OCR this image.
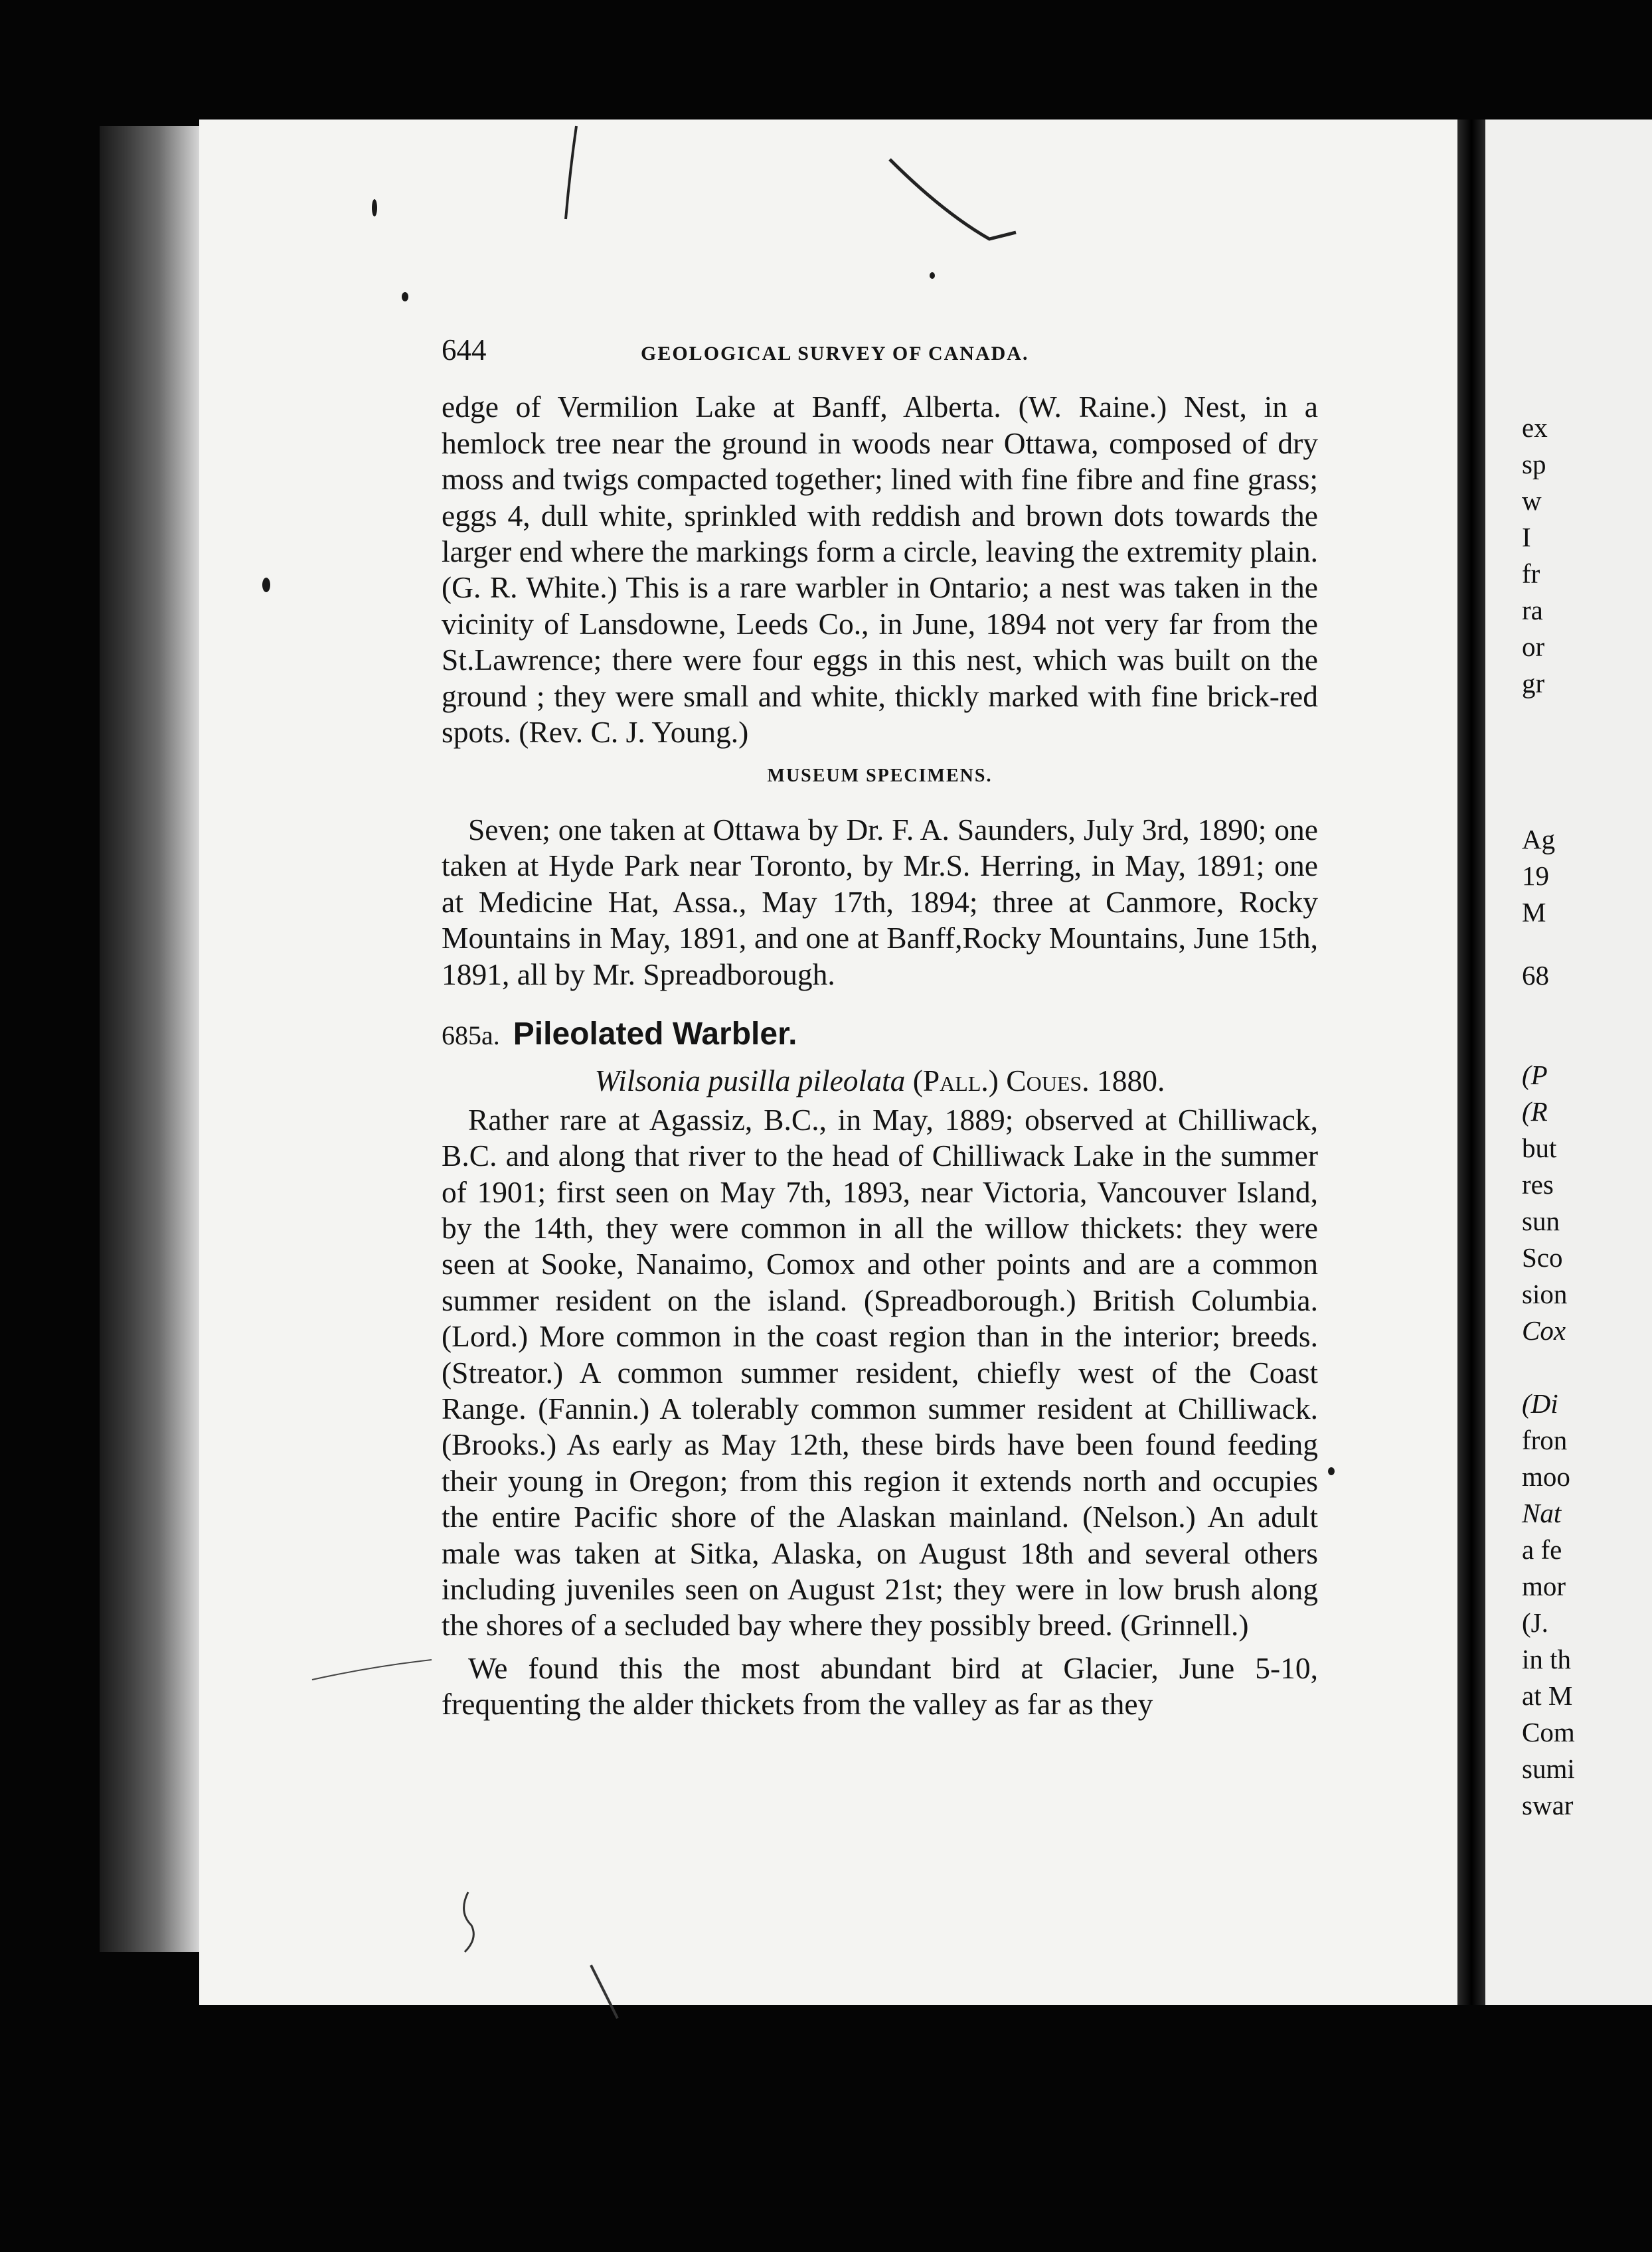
ex
sp
w
I
fr
ra
or
gr
Ag
19
M
68
(P
(R
but
res
sun
Sco
sion
Cox
(Di
fron
moo
Nat
a fe
mor
(J.
in th
at M
Com
sumi
swar
644	GEOLOGICAL SURVEY OF CANADA.

edge of Vermilion Lake at Banff, Alberta. (W. Raine.) Nest, in a hemlock tree near the ground in woods near Ottawa, composed of dry moss and twigs compacted together; lined with fine fibre and fine grass; eggs 4, dull white, sprinkled with reddish and brown dots towards the larger end where the markings form a circle, leaving the extremity plain. (G. R. White.) This is a rare warbler in Ontario; a nest was taken in the vicinity of Lansdowne, Leeds Co., in June, 1894 not very far from the St.Lawrence; there were four eggs in this nest, which was built on the ground ; they were small and white, thickly marked with fine brick-red spots. (Rev. C. J. Young.)

MUSEUM SPECIMENS.

Seven; one taken at Ottawa by Dr. F. A. Saunders, July 3rd, 1890; one taken at Hyde Park near Toronto, by Mr.S. Herring, in May, 1891; one at Medicine Hat, Assa., May 17th, 1894; three at Canmore, Rocky Mountains in May, 1891, and one at Banff,Rocky Mountains, June 15th, 1891, all by Mr. Spreadborough.

685a. Pileolated Warbler.
Wilsonia pusilla pileolata (Pall.) Coues. 1880.

Rather rare at Agassiz, B.C., in May, 1889; observed at Chilliwack, B.C. and along that river to the head of Chilliwack Lake in the summer of 1901; first seen on May 7th, 1893, near Victoria, Vancouver Island, by the 14th, they were common in all the willow thickets: they were seen at Sooke, Nanaimo, Comox and other points and are a common summer resident on the island. (Spreadborough.) British Columbia. (Lord.) More common in the coast region than in the interior; breeds. (Streator.) A common summer resident, chiefly west of the Coast Range. (Fannin.) A tolerably common summer resident at Chilliwack. (Brooks.) As early as May 12th, these birds have been found feeding their young in Oregon; from this region it extends north and occupies the entire Pacific shore of the Alaskan mainland. (Nelson.) An adult male was taken at Sitka, Alaska, on August 18th and several others including juveniles seen on August 21st; they were in low brush along the shores of a secluded bay where they possibly breed. (Grinnell.)

We found this the most abundant bird at Glacier, June 5-10, frequenting the alder thickets from the valley as far as they
